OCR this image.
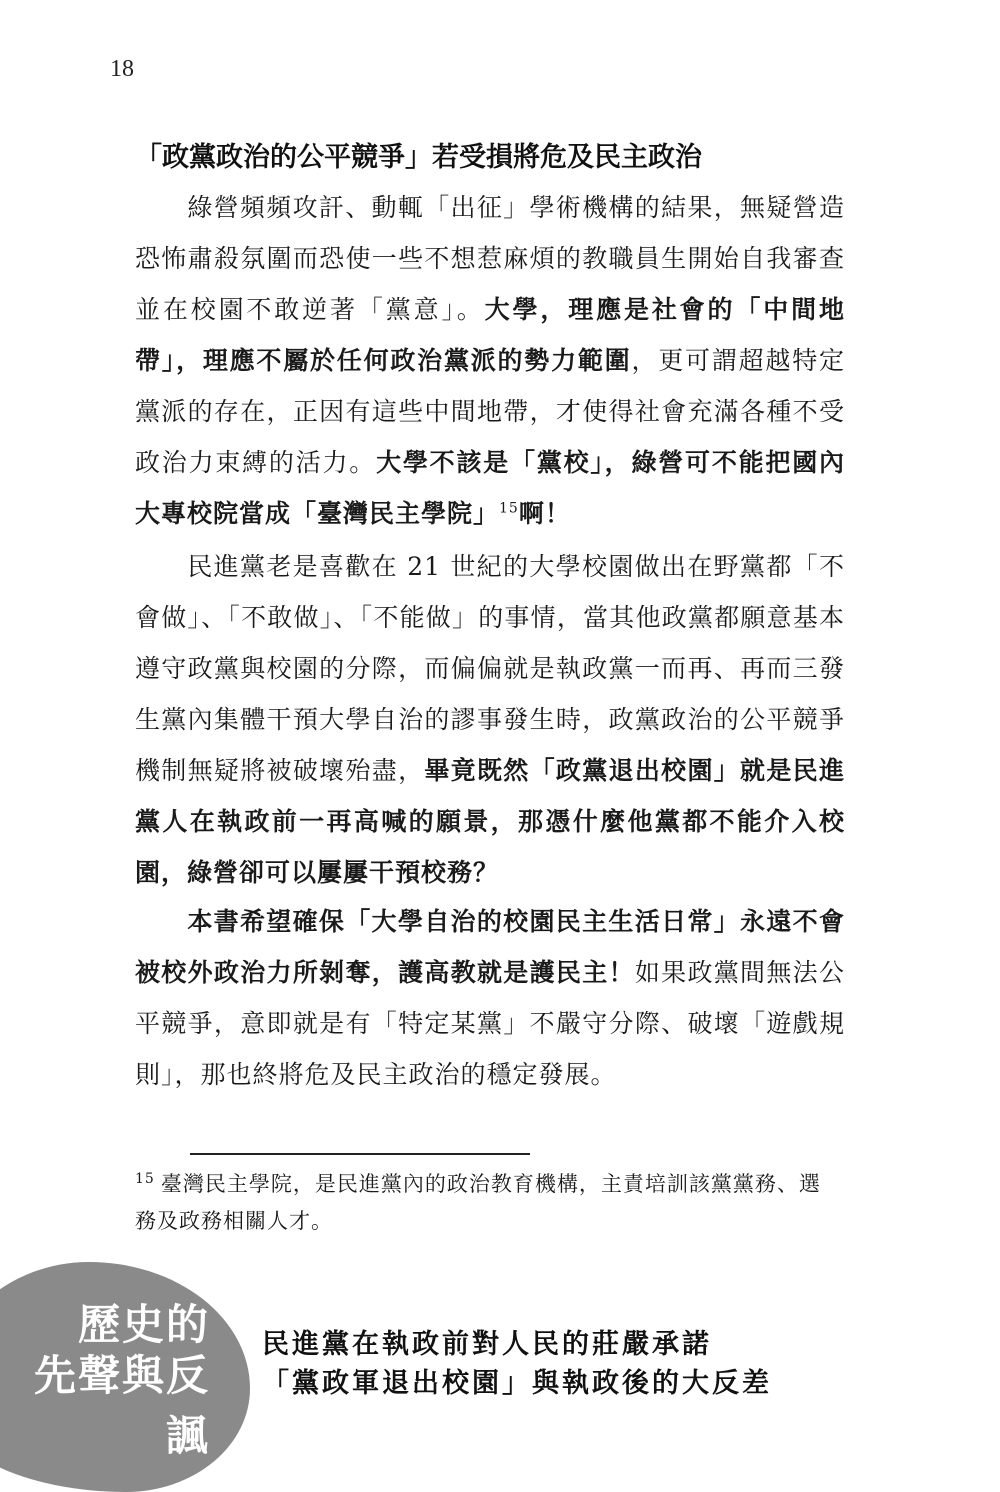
18
「政黨政治的公平競爭」若受損將危及民主政治
綠營頻頻攻訐、動輒「出征」學術機構的結果，無疑營造恐怖肅殺氛圍而恐使一些不想惹麻煩的教職員生開始自我審查並在校園不敢逆著「黨意」。大學，理應是社會的「中間地帶」，理應不屬於任何政治黨派的勢力範圍，更可謂超越特定黨派的存在，正因有這些中間地帶，才使得社會充滿各種不受政治力束縛的活力。大學不該是「黨校」，綠營可不能把國內大專校院當成「臺灣民主學院」$^{15}$啊！
民進黨老是喜歡在 21 世紀的大學校園做出在野黨都「不會做」、「不敢做」、「不能做」的事情，當其他政黨都願意基本遵守政黨與校園的分際，而偏偏就是執政黨一而再、再而三發生黨內集體干預大學自治的謬事發生時，政黨政治的公平競爭機制無疑將被破壞殆盡，畢竟既然「政黨退出校園」就是民進黨人在執政前一再高喊的願景，那憑什麼他黨都不能介入校園，綠營卻可以屢屢干預校務？
本書希望確保「大學自治的校園民主生活日常」永遠不會被校外政治力所剝奪，護高教就是護民主！如果政黨間無法公平競爭，意即就是有「特定某黨」不嚴守分際、破壞「遊戲規則」，那也終將危及民主政治的穩定發展。
$^{15}$ 臺灣民主學院，是民進黨內的政治教育機構，主責培訓該黨黨務、選務及政務相關人才。
歷史的
先聲與反諷
民進黨在執政前對人民的莊嚴承諾
「黨政軍退出校園」與執政後的大反差
